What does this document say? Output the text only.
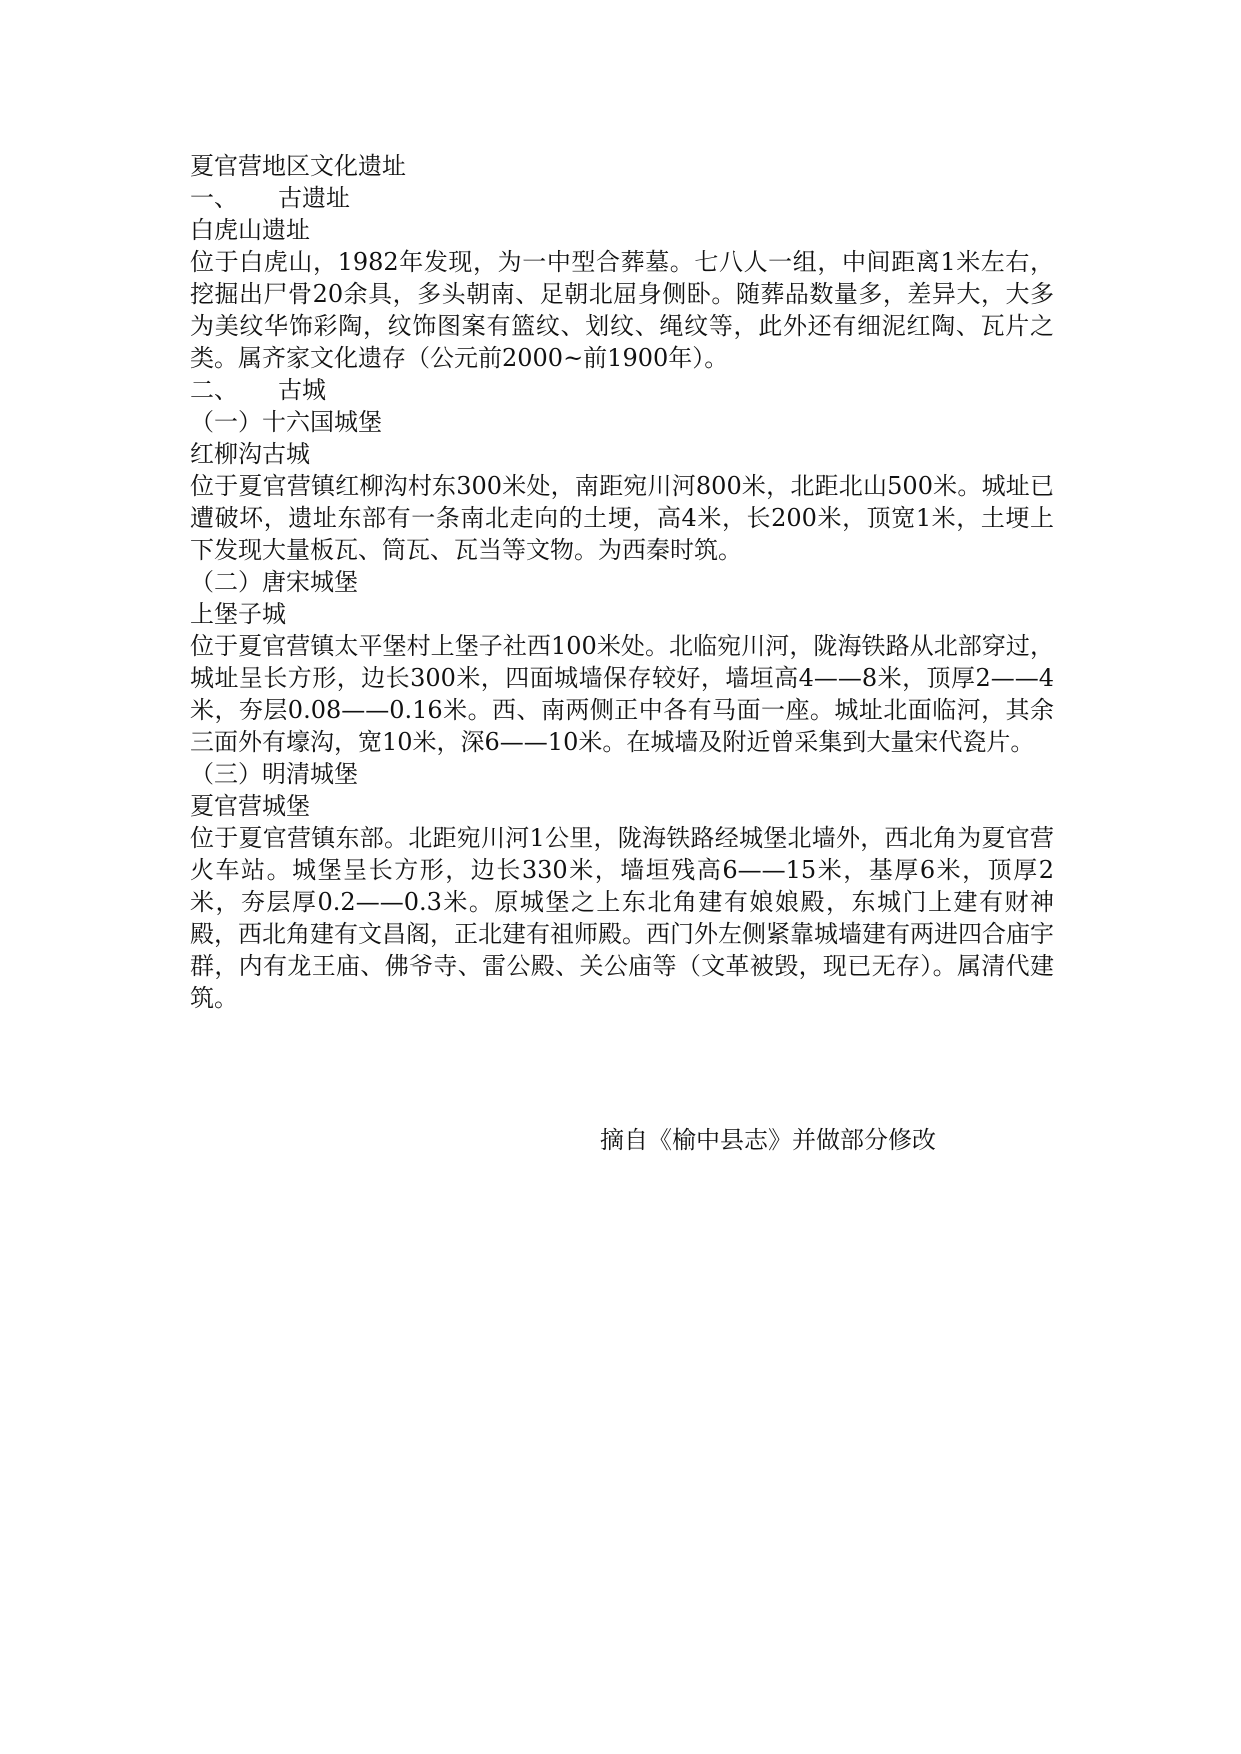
夏官营地区文化遗址
一、 古遗址
白虎山遗址

位于白虎山，1982年发现，为一中型合葬墓。七八人一组，中间距离1米左右，挖掘出尸骨20余具，多头朝南、足朝北屈身侧卧。随葬品数量多，差异大，大多为美纹华饰彩陶，纹饰图案有篮纹、划纹、绳纹等，此外还有细泥红陶、瓦片之类。属齐家文化遗存（公元前2000~前1900年）。

二、 古城
（一）十六国城堡
红柳沟古城

位于夏官营镇红柳沟村东300米处，南距宛川河800米，北距北山500米。城址已遭破坏，遗址东部有一条南北走向的土埂，高4米，长200米，顶宽1米，土埂上下发现大量板瓦、筒瓦、瓦当等文物。为西秦时筑。

（二）唐宋城堡
上堡子城

位于夏官营镇太平堡村上堡子社西100米处。北临宛川河，陇海铁路从北部穿过，城址呈长方形，边长300米，四面城墙保存较好，墙垣高4——8米，顶厚2——4米，夯层0.08——0.16米。西、南两侧正中各有马面一座。城址北面临河，其余三面外有壕沟，宽10米，深6——10米。在城墙及附近曾采集到大量宋代瓷片。

（三）明清城堡
夏官营城堡

位于夏官营镇东部。北距宛川河1公里，陇海铁路经城堡北墙外，西北角为夏官营火车站。城堡呈长方形，边长330米，墙垣残高6——15米，基厚6米，顶厚2米，夯层厚0.2——0.3米。原城堡之上东北角建有娘娘殿，东城门上建有财神殿，西北角建有文昌阁，正北建有祖师殿。西门外左侧紧靠城墙建有两进四合庙宇群，内有龙王庙、佛爷寺、雷公殿、关公庙等（文革被毁，现已无存）。属清代建筑。

摘自《榆中县志》并做部分修改
